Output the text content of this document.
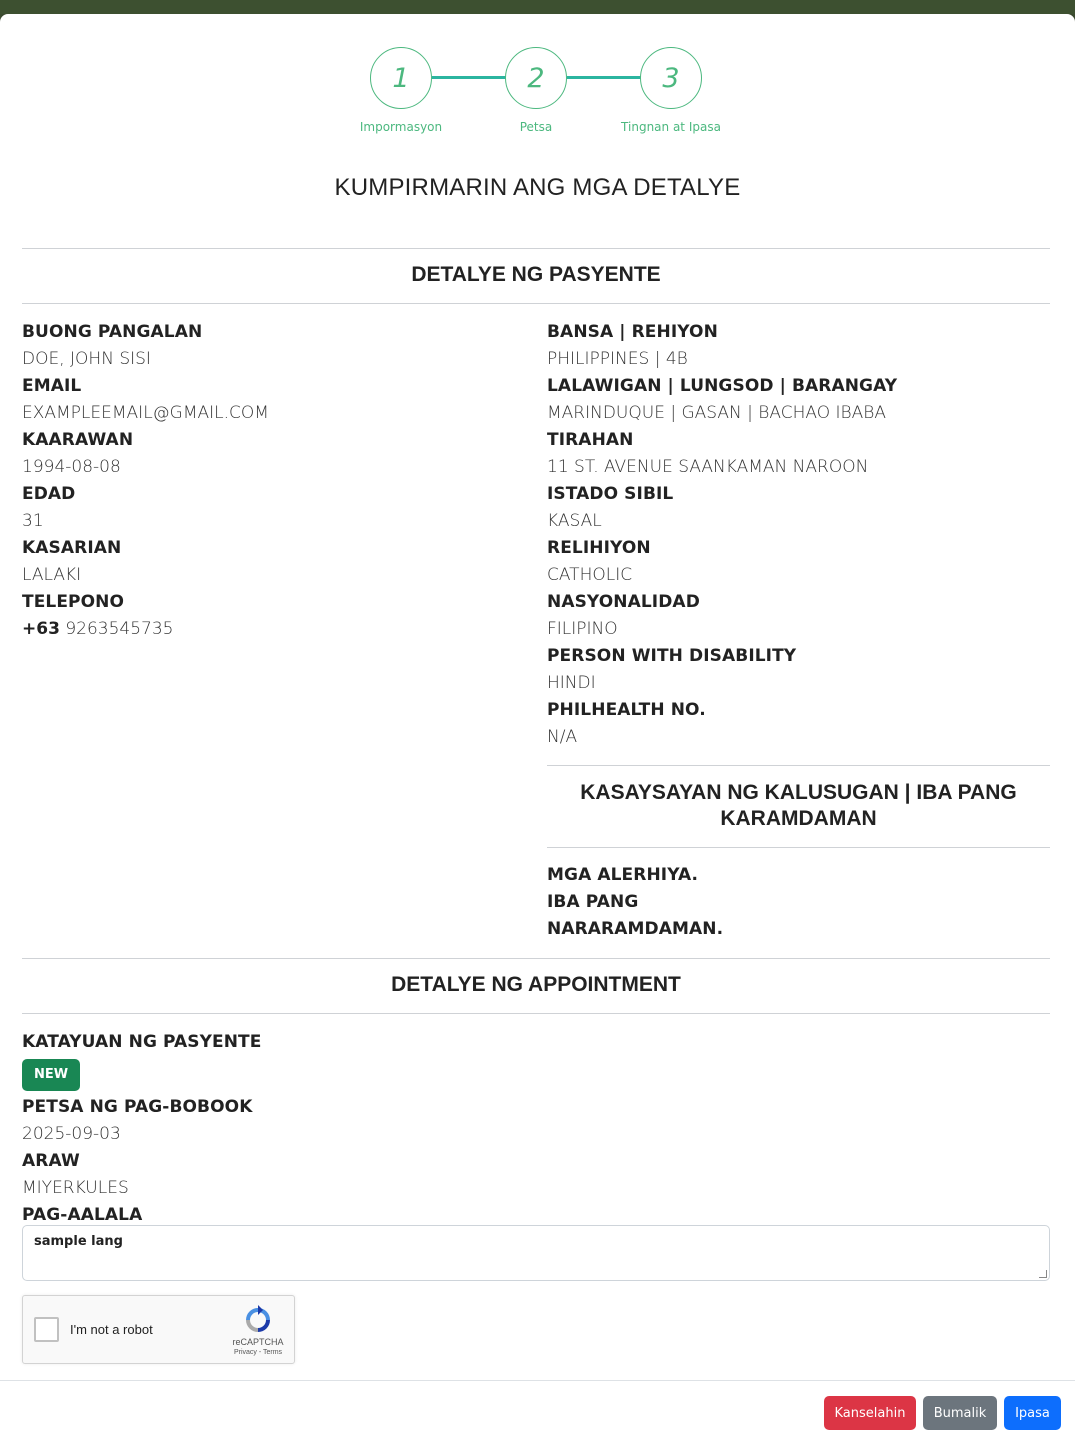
1	2	3
Impormasyon	Petsa	Tingnan at Ipasa
KUMPIRMARIN ANG MGA DETALYE
DETALYE NG PASYENTE
BUONG PANGALAN
DOE, JOHN SISI
EMAIL
EXAMPLEEMAIL@GMAIL.COM
KAARAWAN
1994-08-08
EDAD
31
KASARIAN
LALAKI
TELEPONO
+63 9263545735
BANSA | REHIYON
PHILIPPINES | 4B
LALAWIGAN | LUNGSOD | BARANGAY
MARINDUQUE | GASAN | BACHAO IBABA
TIRAHAN
11 ST. AVENUE SAANKAMAN NAROON
ISTADO SIBIL
KASAL
RELIHIYON
CATHOLIC
NASYONALIDAD
FILIPINO
PERSON WITH DISABILITY
HINDI
PHILHEALTH NO.
N/A
KASAYSAYAN NG KALUSUGAN | IBA PANG
KARAMDAMAN
MGA ALERHIYA.
IBA PANG
NARARAMDAMAN.
DETALYE NG APPOINTMENT
KATAYUAN NG PASYENTE
NEW
PETSA NG PAG-BOBOOK
2025-09-03
ARAW
MIYERKULES
PAG-AALALA
sample lang
I'm not a robot
reCAPTCHA
Privacy - Terms
Kanselahin	Bumalik	Ipasa
